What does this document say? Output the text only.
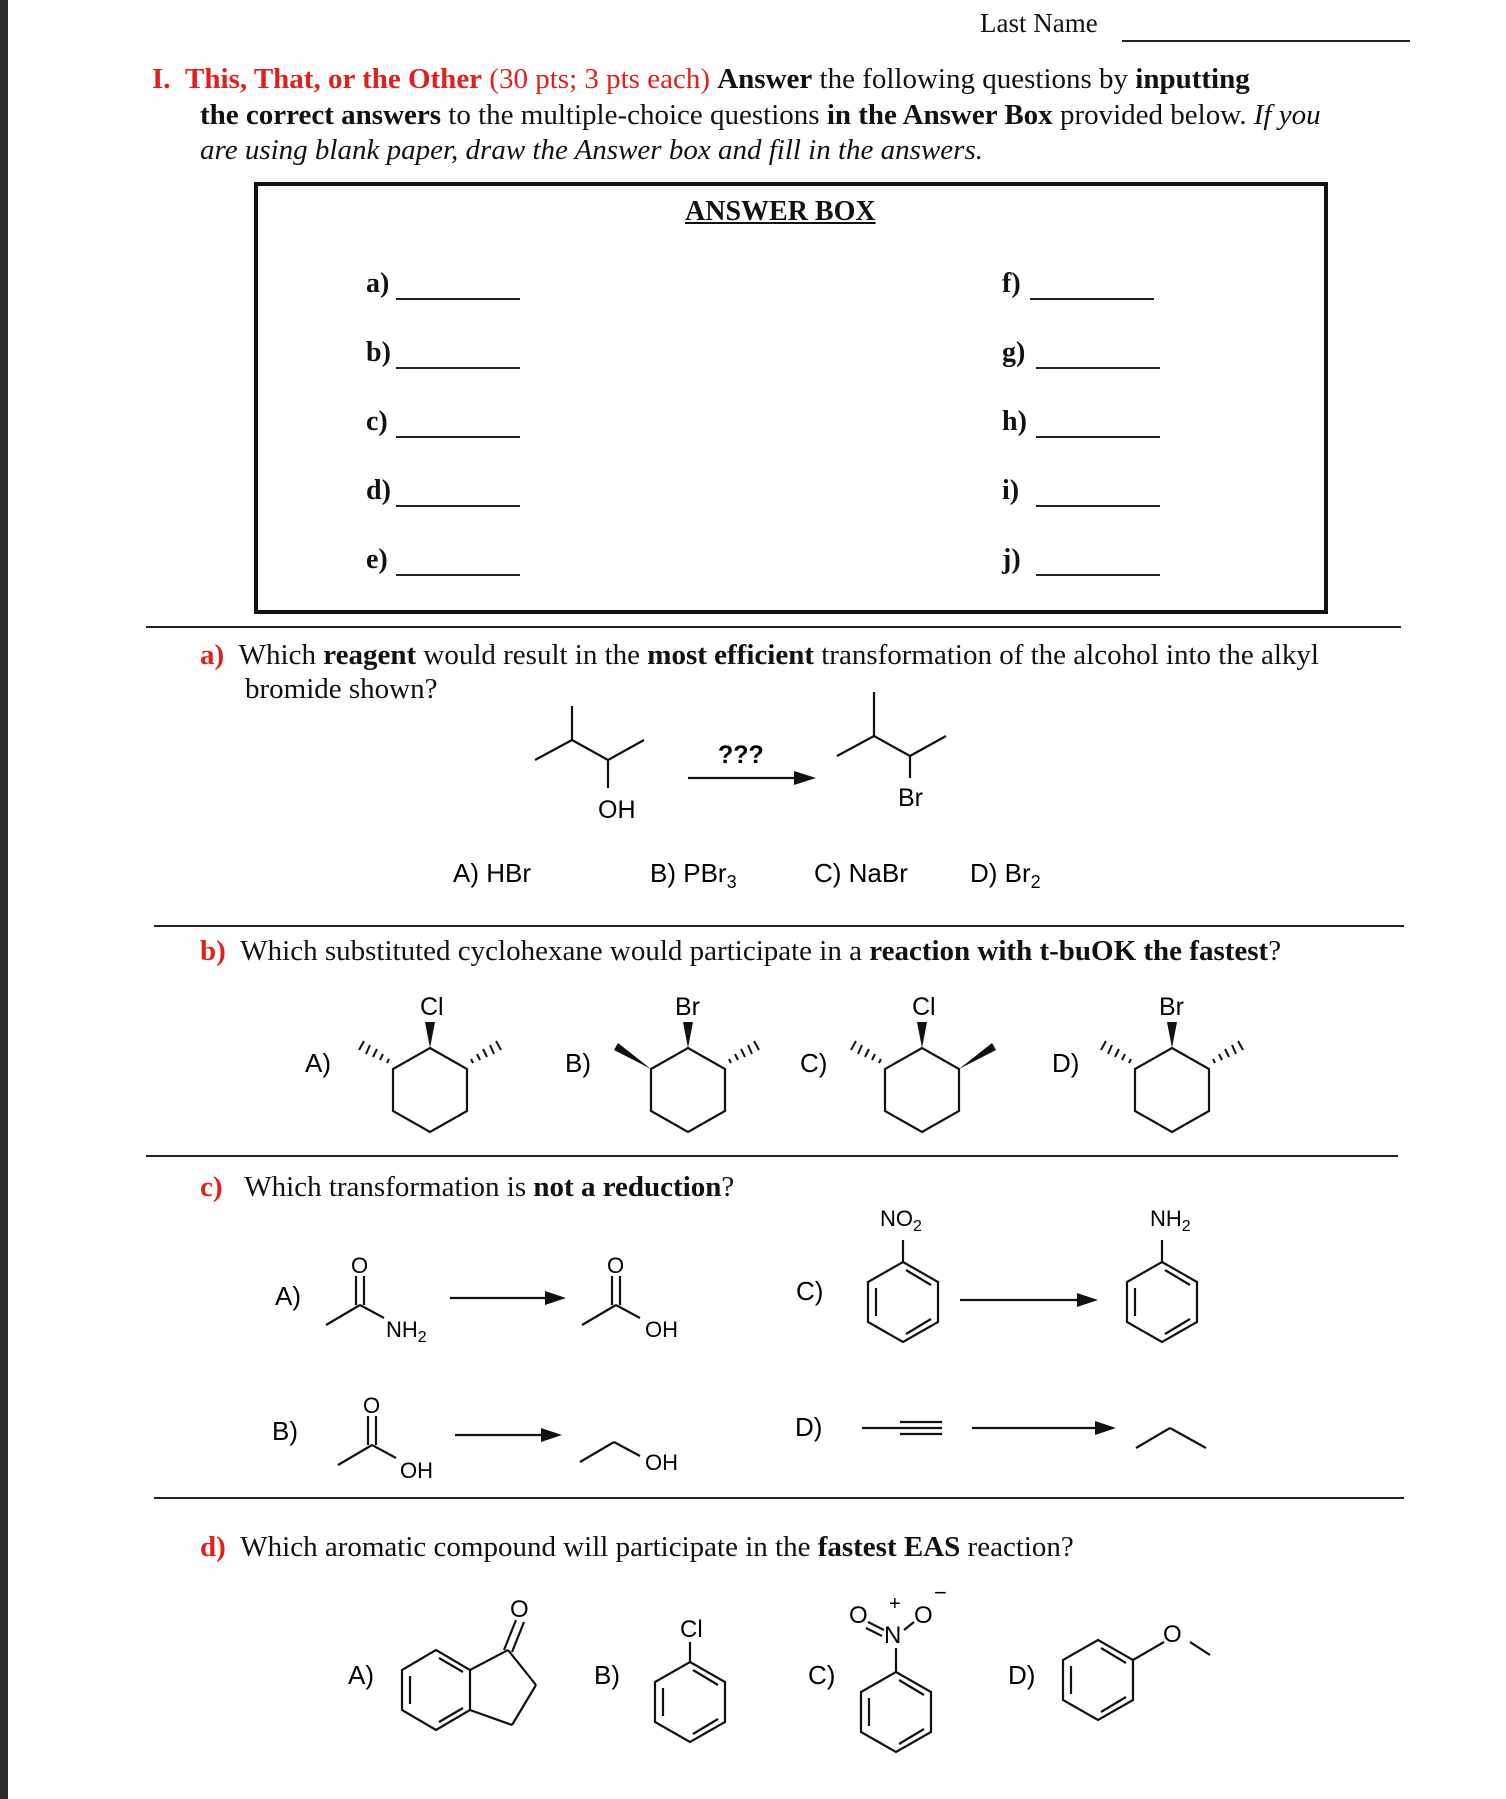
Last Name
I. This, That, or the Other (30 pts; 3 pts each) Answer the following questions by inputting
the correct answers to the multiple-choice questions in the Answer Box provided below. If you
are using blank paper, draw the Answer box and fill in the answers.
ANSWER BOX
a)
b)
c)
d)
e)
f)
g)
h)
i)
j)
a) Which reagent would result in the most efficient transformation of the alcohol into the alkyl
bromide shown?
OH
???
Br
A) HBr	B) PBr$_3$	C) NaBr D) $Br_2$
b) Which substituted cyclohexane would participate in a reaction with t-buOK the fastest?
A)
Cl
B)
Br
C)
Cl
D)
Br
c) Which transformation is not a reduction?
A)
O
$NH_2$
O
OH
B)
O
OH	OH
C)
$NO_2$	$NH_2$
D)
d) Which aromatic compound will participate in the fastest EAS reaction?
A)
O
B)
Cl
C)
O O
−
N
+
D)
O
